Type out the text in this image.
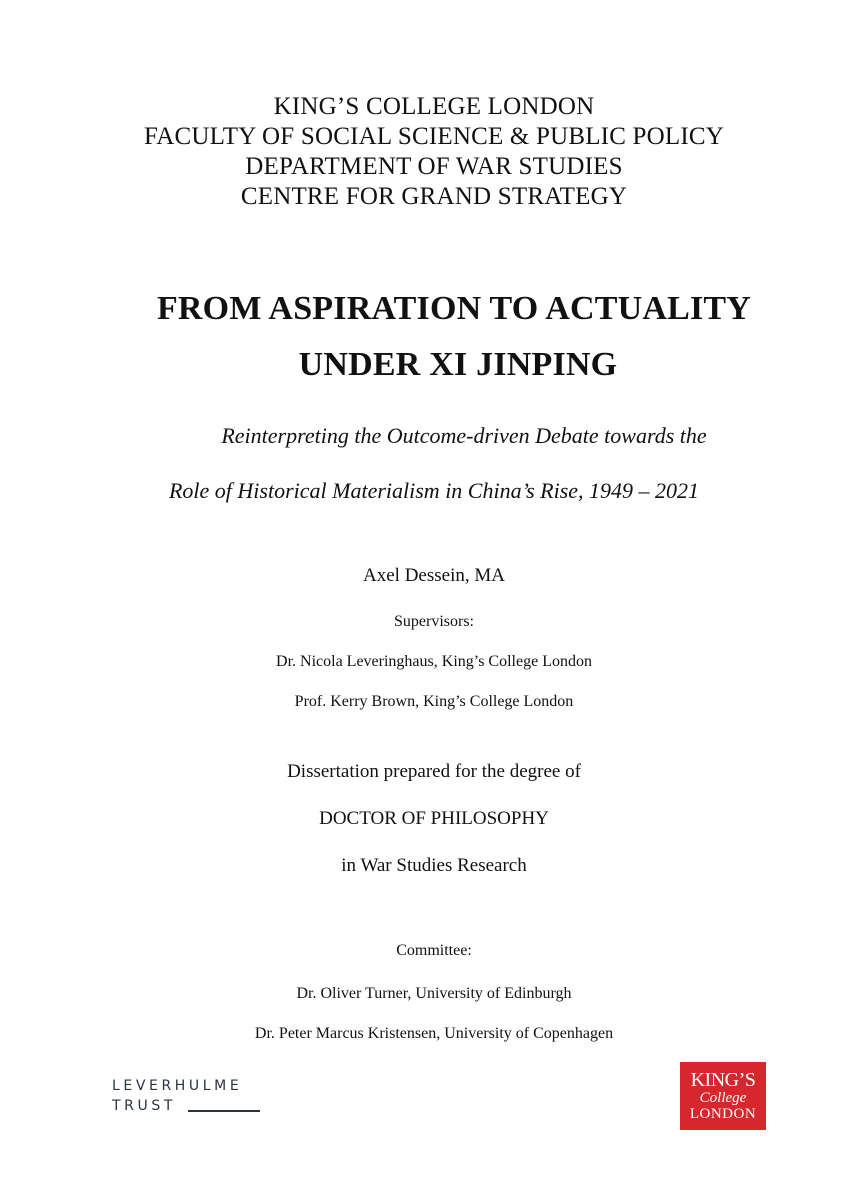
KING’S COLLEGE LONDON
FACULTY OF SOCIAL SCIENCE & PUBLIC POLICY
DEPARTMENT OF WAR STUDIES
CENTRE FOR GRAND STRATEGY
FROM ASPIRATION TO ACTUALITY
UNDER XI JINPING
Reinterpreting the Outcome-driven Debate towards the
Role of Historical Materialism in China’s Rise, 1949 – 2021
Axel Dessein, MA
Supervisors:
Dr. Nicola Leveringhaus, King’s College London
Prof. Kerry Brown, King’s College London
Dissertation prepared for the degree of
DOCTOR OF PHILOSOPHY
in War Studies Research
Committee:
Dr. Oliver Turner, University of Edinburgh
Dr. Peter Marcus Kristensen, University of Copenhagen
LEVERHULME
TRUST
KING’S
College
LONDON
